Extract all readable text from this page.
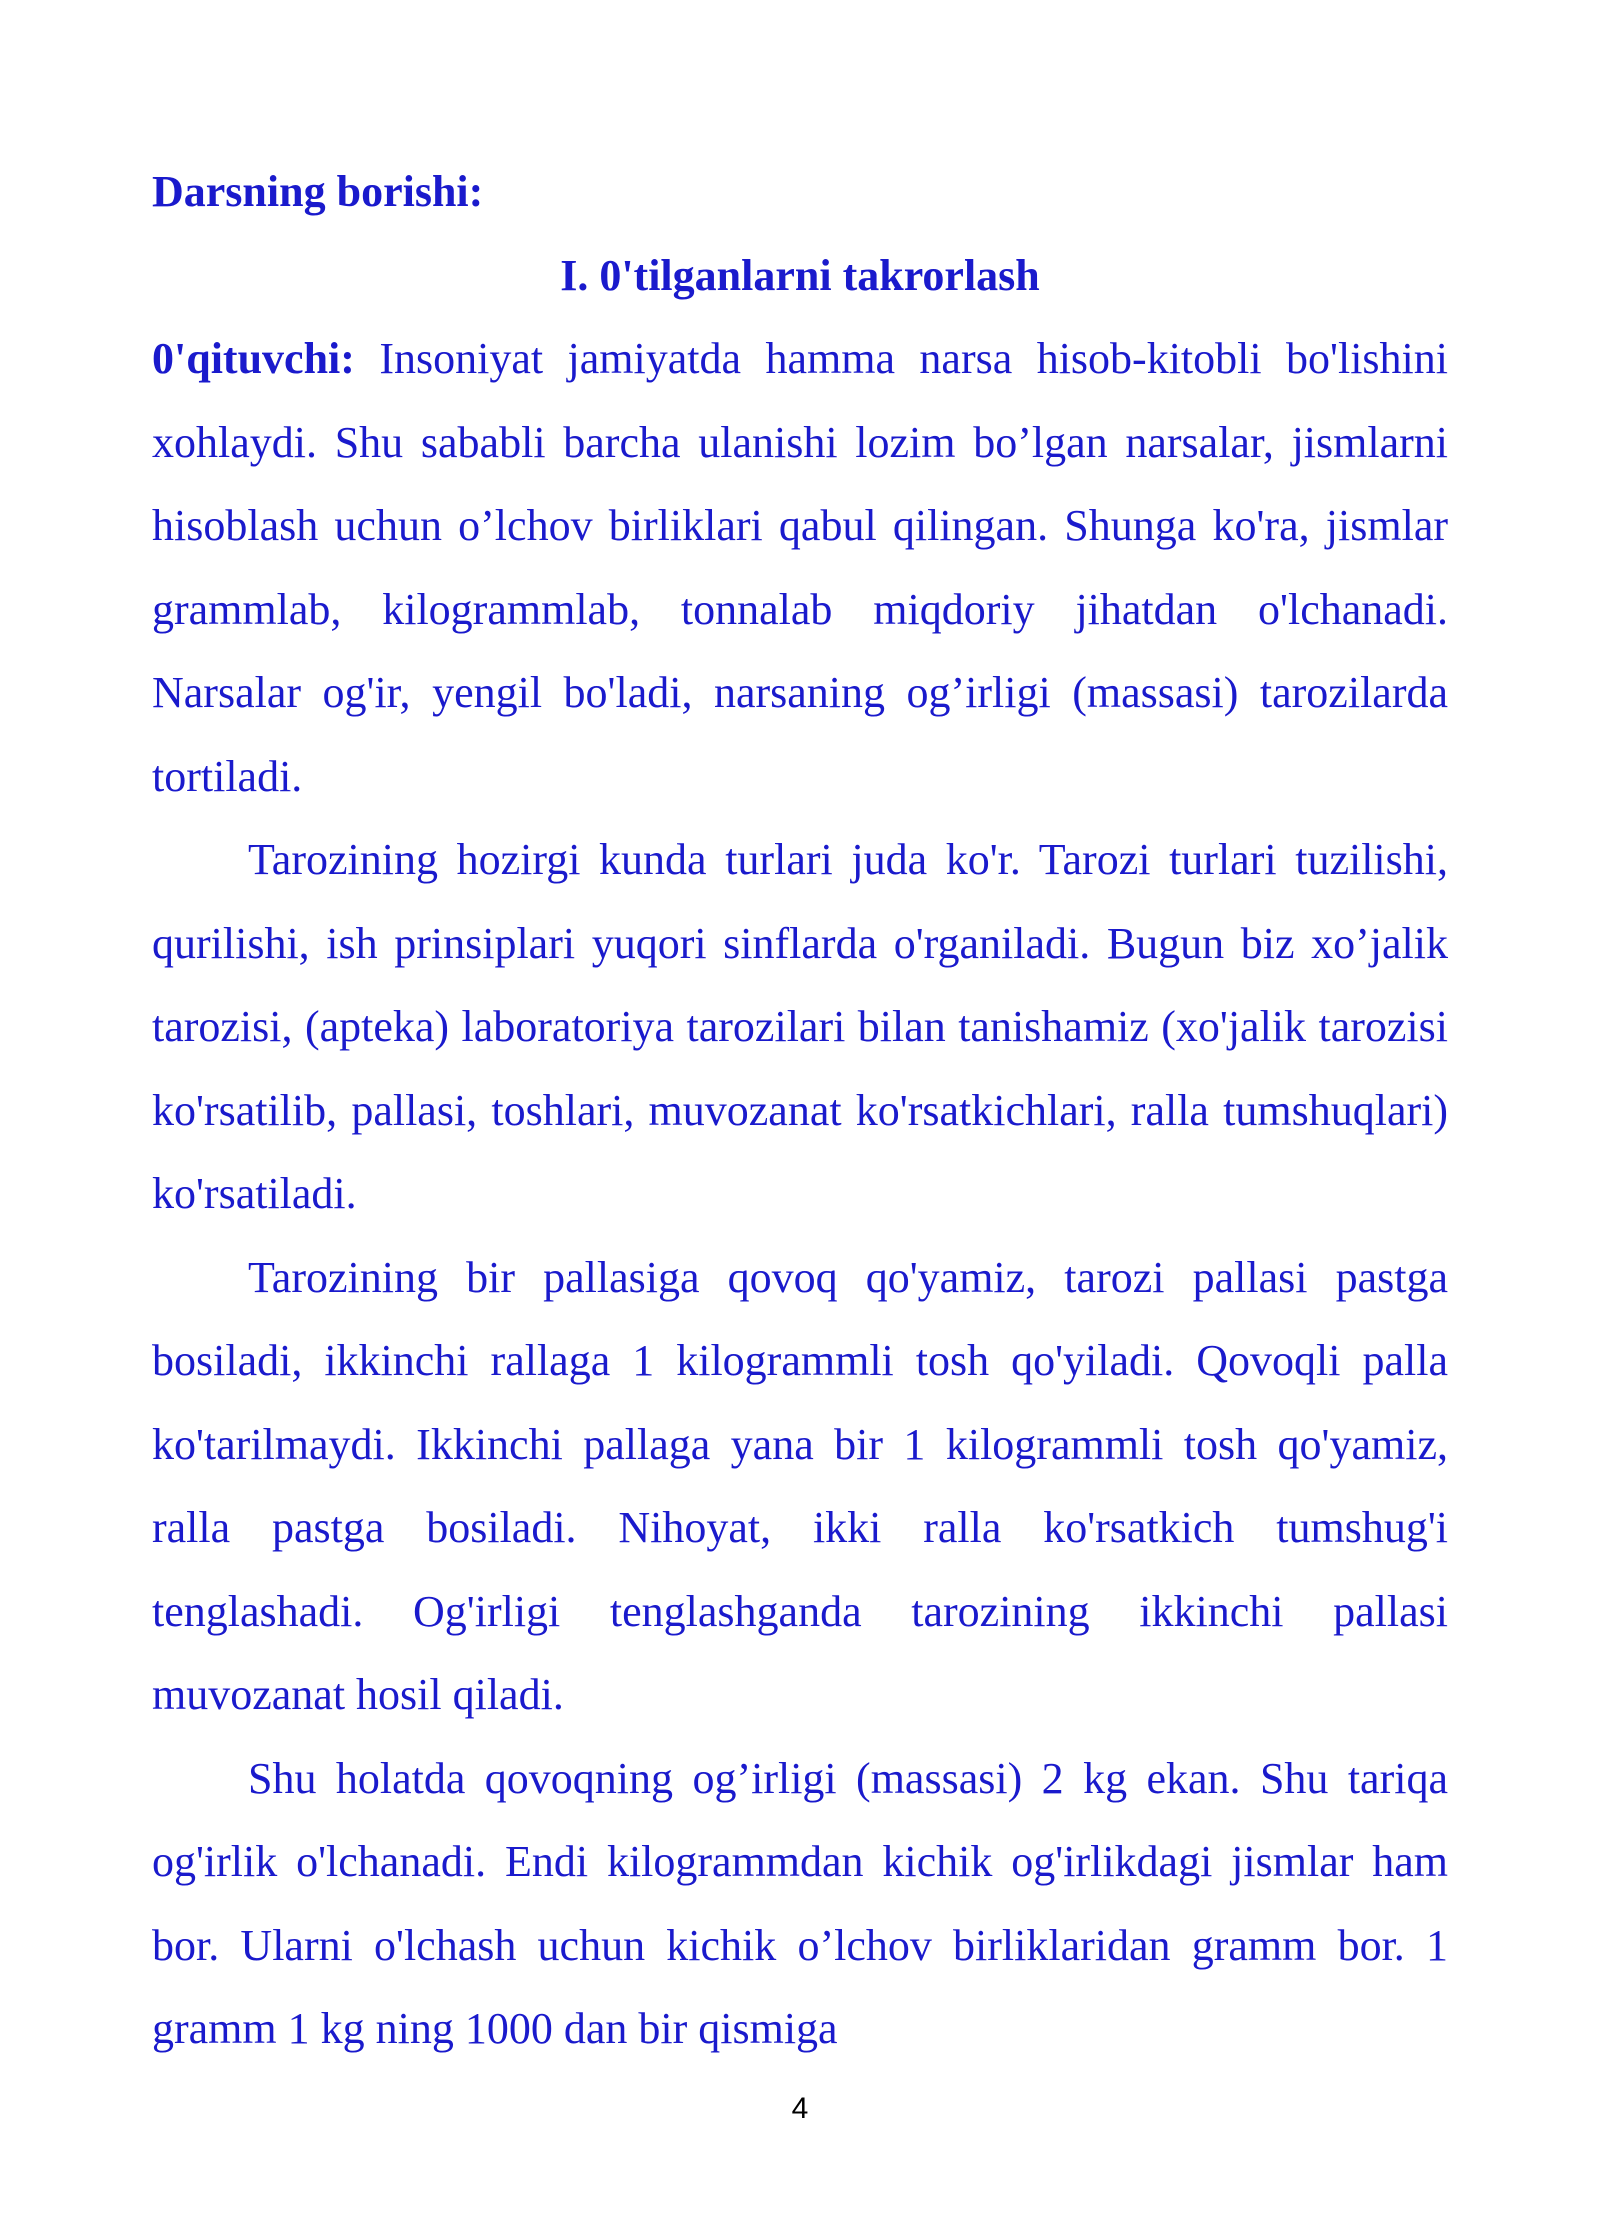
Darsning borishi:

I. 0'tilganlarni takrorlash

0'qituvchi: Insoniyat jamiyatda hamma narsa hisob-kitobli bo'lishini xohlaydi. Shu sababli barcha ulanishi lozim bo’lgan narsalar, jismlarni hisoblash uchun o’lchov birliklari qabul qilingan. Shunga ko'ra, jismlar grammlab, kilogrammlab, tonnalab miqdoriy jihatdan o'lchanadi. Narsalar og'ir, yengil bo'ladi, narsaning og’irligi (massasi) tarozilarda tortiladi.

Tarozining hozirgi kunda turlari juda ko'r. Tarozi turlari tuzilishi, qurilishi, ish prinsiplari yuqori sinflarda o'rganiladi. Bugun biz xo’jalik tarozisi, (apteka) laboratoriya tarozilari bilan tanishamiz (xo'jalik tarozisi ko'rsatilib, pallasi, toshlari, muvozanat ko'rsatkichlari, ralla tumshuqlari) ko'rsatiladi.

Tarozining bir pallasiga qovoq qo'yamiz, tarozi pallasi pastga bosiladi, ikkinchi rallaga 1 kilogrammli tosh qo'yiladi. Qovoqli palla ko'tarilmaydi. Ikkinchi pallaga yana bir 1 kilogrammli tosh qo'yamiz, ralla pastga bosiladi. Nihoyat, ikki ralla ko'rsatkich tumshug'i tenglashadi. Og'irligi tenglashganda tarozining ikkinchi pallasi muvozanat hosil qiladi.

Shu holatda qovoqning og’irligi (massasi) 2 kg ekan. Shu tariqa og'irlik o'lchanadi. Endi kilogrammdan kichik og'irlikdagi jismlar ham bor. Ularni o'lchash uchun kichik o’lchov birliklaridan gramm bor. 1 gramm 1 kg ning 1000 dan bir qismiga

4
